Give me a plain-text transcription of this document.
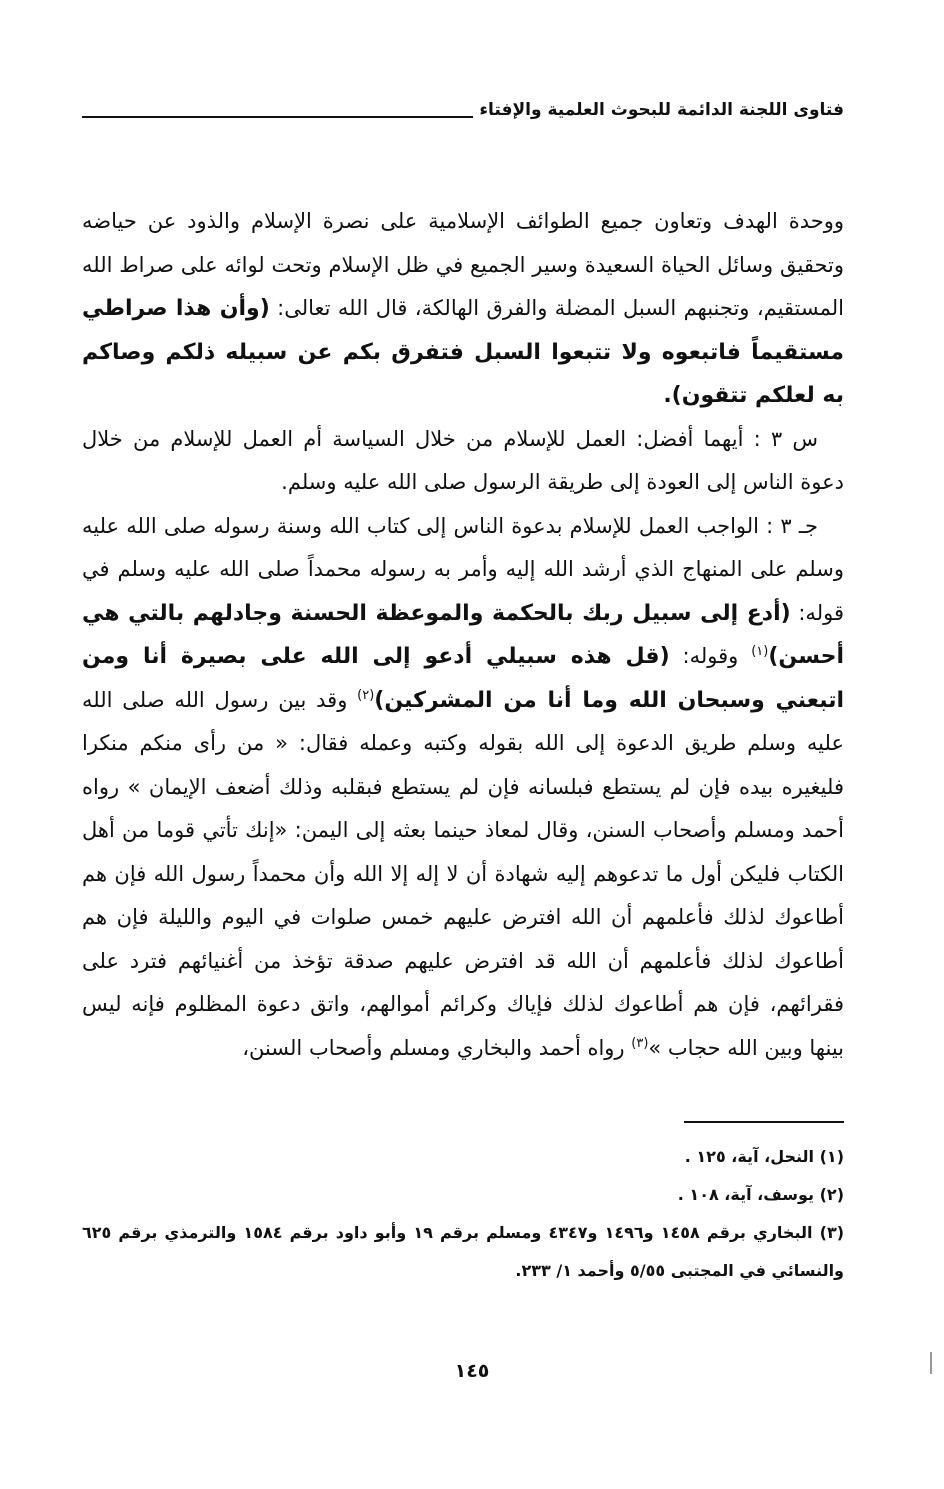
فتاوى اللجنة الدائمة للبحوث العلمية والإفتاء

ووحدة الهدف وتعاون جميع الطوائف الإسلامية على نصرة الإسلام والذود عن حياضه وتحقيق وسائل الحياة السعيدة وسير الجميع في ظل الإسلام وتحت لوائه على صراط الله المستقيم، وتجنبهم السبل المضلة والفرق الهالكة، قال الله تعالى: (وأن هذا صراطي مستقيماً فاتبعوه ولا تتبعوا السبل فتفرق بكم عن سبيله ذلكم وصاكم به لعلكم تتقون).

س ٣ : أيهما أفضل: العمل للإسلام من خلال السياسة أم العمل للإسلام من خلال دعوة الناس إلى العودة إلى طريقة الرسول صلى الله عليه وسلم.

جـ ٣ : الواجب العمل للإسلام بدعوة الناس إلى كتاب الله وسنة رسوله صلى الله عليه وسلم على المنهاج الذي أرشد الله إليه وأمر به رسوله محمداً صلى الله عليه وسلم في قوله: (أدع إلى سبيل ربك بالحكمة والموعظة الحسنة وجادلهم بالتي هي أحسن)$^{(١)}$ وقوله: (قل هذه سبيلي أدعو إلى الله على بصيرة أنا ومن اتبعني وسبحان الله وما أنا من المشركين)$^{(٢)}$ وقد بين رسول الله صلى الله عليه وسلم طريق الدعوة إلى الله بقوله وكتبه وعمله فقال: « من رأى منكم منكرا فليغيره بيده فإن لم يستطع فبلسانه فإن لم يستطع فبقلبه وذلك أضعف الإيمان » رواه أحمد ومسلم وأصحاب السنن، وقال لمعاذ حينما بعثه إلى اليمن: «إنك تأتي قوما من أهل الكتاب فليكن أول ما تدعوهم إليه شهادة أن لا إله إلا الله وأن محمداً رسول الله فإن هم أطاعوك لذلك فأعلمهم أن الله افترض عليهم خمس صلوات في اليوم والليلة فإن هم أطاعوك لذلك فأعلمهم أن الله قد افترض عليهم صدقة تؤخذ من أغنيائهم فترد على فقرائهم، فإن هم أطاعوك لذلك فإياك وكرائم أموالهم، واتق دعوة المظلوم فإنه ليس بينها وبين الله حجاب »$^{(٣)}$ رواه أحمد والبخاري ومسلم وأصحاب السنن،

(١) النحل، آية، ١٢٥ .

(٢) يوسف، آية، ١٠٨ .

(٣) البخاري برقم ١٤٥٨ و١٤٩٦ و٤٣٤٧ ومسلم برقم ١٩ وأبو داود برقم ١٥٨٤ والترمذي برقم ٦٢٥ والنسائي في المجتبى ٥/٥٥ وأحمد ١/ ٢٣٣.

١٤٥
